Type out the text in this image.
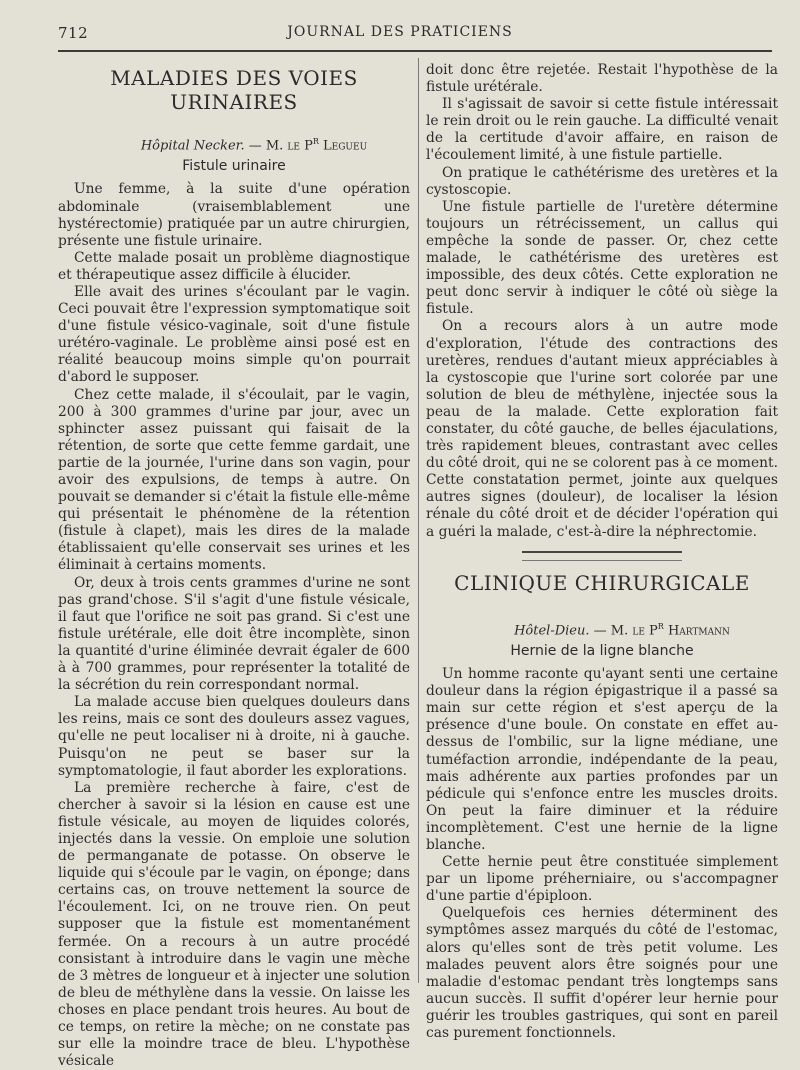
712	JOURNAL DES PRATICIENS
MALADIES DES VOIES URINAIRES
Hôpital Necker. — M. le $P^r$ Legueu
Fistule urinaire

Une femme, à la suite d'une opération abdominale (vraisemblablement une hystérectomie) pratiquée par un autre chirurgien, présente une fistule urinaire.

Cette malade posait un problème diagnostique et thérapeutique assez difficile à élucider.

Elle avait des urines s'écoulant par le vagin. Ceci pouvait être l'expression symptomatique soit d'une fistule vésico-vaginale, soit d'une fistule urétéro-vaginale. Le problème ainsi posé est en réalité beaucoup moins simple qu'on pourrait d'abord le supposer.

Chez cette malade, il s'écoulait, par le vagin, 200 à 300 grammes d'urine par jour, avec un sphincter assez puissant qui faisait de la rétention, de sorte que cette femme gardait, une partie de la journée, l'urine dans son vagin, pour avoir des expulsions, de temps à autre. On pouvait se demander si c'était la fistule elle-même qui présentait le phénomène de la rétention (fistule à clapet), mais les dires de la malade établissaient qu'elle conservait ses urines et les éliminait à certains moments.

Or, deux à trois cents grammes d'urine ne sont pas grand'chose. S'il s'agit d'une fistule vésicale, il faut que l'orifice ne soit pas grand. Si c'est une fistule urétérale, elle doit être incomplète, sinon la quantité d'urine éliminée devrait égaler de 600 à à 700 grammes, pour représenter la totalité de la sécrétion du rein correspondant normal.

La malade accuse bien quelques douleurs dans les reins, mais ce sont des douleurs assez vagues, qu'elle ne peut localiser ni à droite, ni à gauche. Puisqu'on ne peut se baser sur la symptomatologie, il faut aborder les explorations.

La première recherche à faire, c'est de chercher à savoir si la lésion en cause est une fistule vésicale, au moyen de liquides colorés, injectés dans la vessie. On emploie une solution de permanganate de potasse. On observe le liquide qui s'écoule par le vagin, on éponge; dans certains cas, on trouve nettement la source de l'écoulement. Ici, on ne trouve rien. On peut supposer que la fistule est momentanément fermée. On a recours à un autre procédé consistant à introduire dans le vagin une mèche de 3 mètres de longueur et à injecter une solution de bleu de méthylène dans la vessie. On laisse les choses en place pendant trois heures. Au bout de ce temps, on retire la mèche; on ne constate pas sur elle la moindre trace de bleu. L'hypothèse vésicale

doit donc être rejetée. Restait l'hypothèse de la fistule urétérale.

Il s'agissait de savoir si cette fistule intéressait le rein droit ou le rein gauche. La difficulté venait de la certitude d'avoir affaire, en raison de l'écoulement limité, à une fistule partielle.

On pratique le cathétérisme des uretères et la cystoscopie.

Une fistule partielle de l'uretère détermine toujours un rétrécissement, un callus qui empêche la sonde de passer. Or, chez cette malade, le cathétérisme des uretères est impossible, des deux côtés. Cette exploration ne peut donc servir à indiquer le côté où siège la fistule.

On a recours alors à un autre mode d'exploration, l'étude des contractions des uretères, rendues d'autant mieux appréciables à la cystoscopie que l'urine sort colorée par une solution de bleu de méthylène, injectée sous la peau de la malade. Cette exploration fait constater, du côté gauche, de belles éjaculations, très rapidement bleues, contrastant avec celles du côté droit, qui ne se colorent pas à ce moment. Cette constatation permet, jointe aux quelques autres signes (douleur), de localiser la lésion rénale du côté droit et de décider l'opération qui a guéri la malade, c'est-à-dire la néphrectomie.

CLINIQUE CHIRURGICALE
Hôtel-Dieu. — M. le $P^r$ Hartmann
Hernie de la ligne blanche

Un homme raconte qu'ayant senti une certaine douleur dans la région épigastrique il a passé sa main sur cette région et s'est aperçu de la présence d'une boule. On constate en effet au-dessus de l'ombilic, sur la ligne médiane, une tuméfaction arrondie, indépendante de la peau, mais adhérente aux parties profondes par un pédicule qui s'enfonce entre les muscles droits. On peut la faire diminuer et la réduire incomplètement. C'est une hernie de la ligne blanche.

Cette hernie peut être constituée simplement par un lipome préherniaire, ou s'accompagner d'une partie d'épiploon.

Quelquefois ces hernies déterminent des symptômes assez marqués du côté de l'estomac, alors qu'elles sont de très petit volume. Les malades peuvent alors être soignés pour une maladie d'estomac pendant très longtemps sans aucun succès. Il suffit d'opérer leur hernie pour guérir les troubles gastriques, qui sont en pareil cas purement fonctionnels.
